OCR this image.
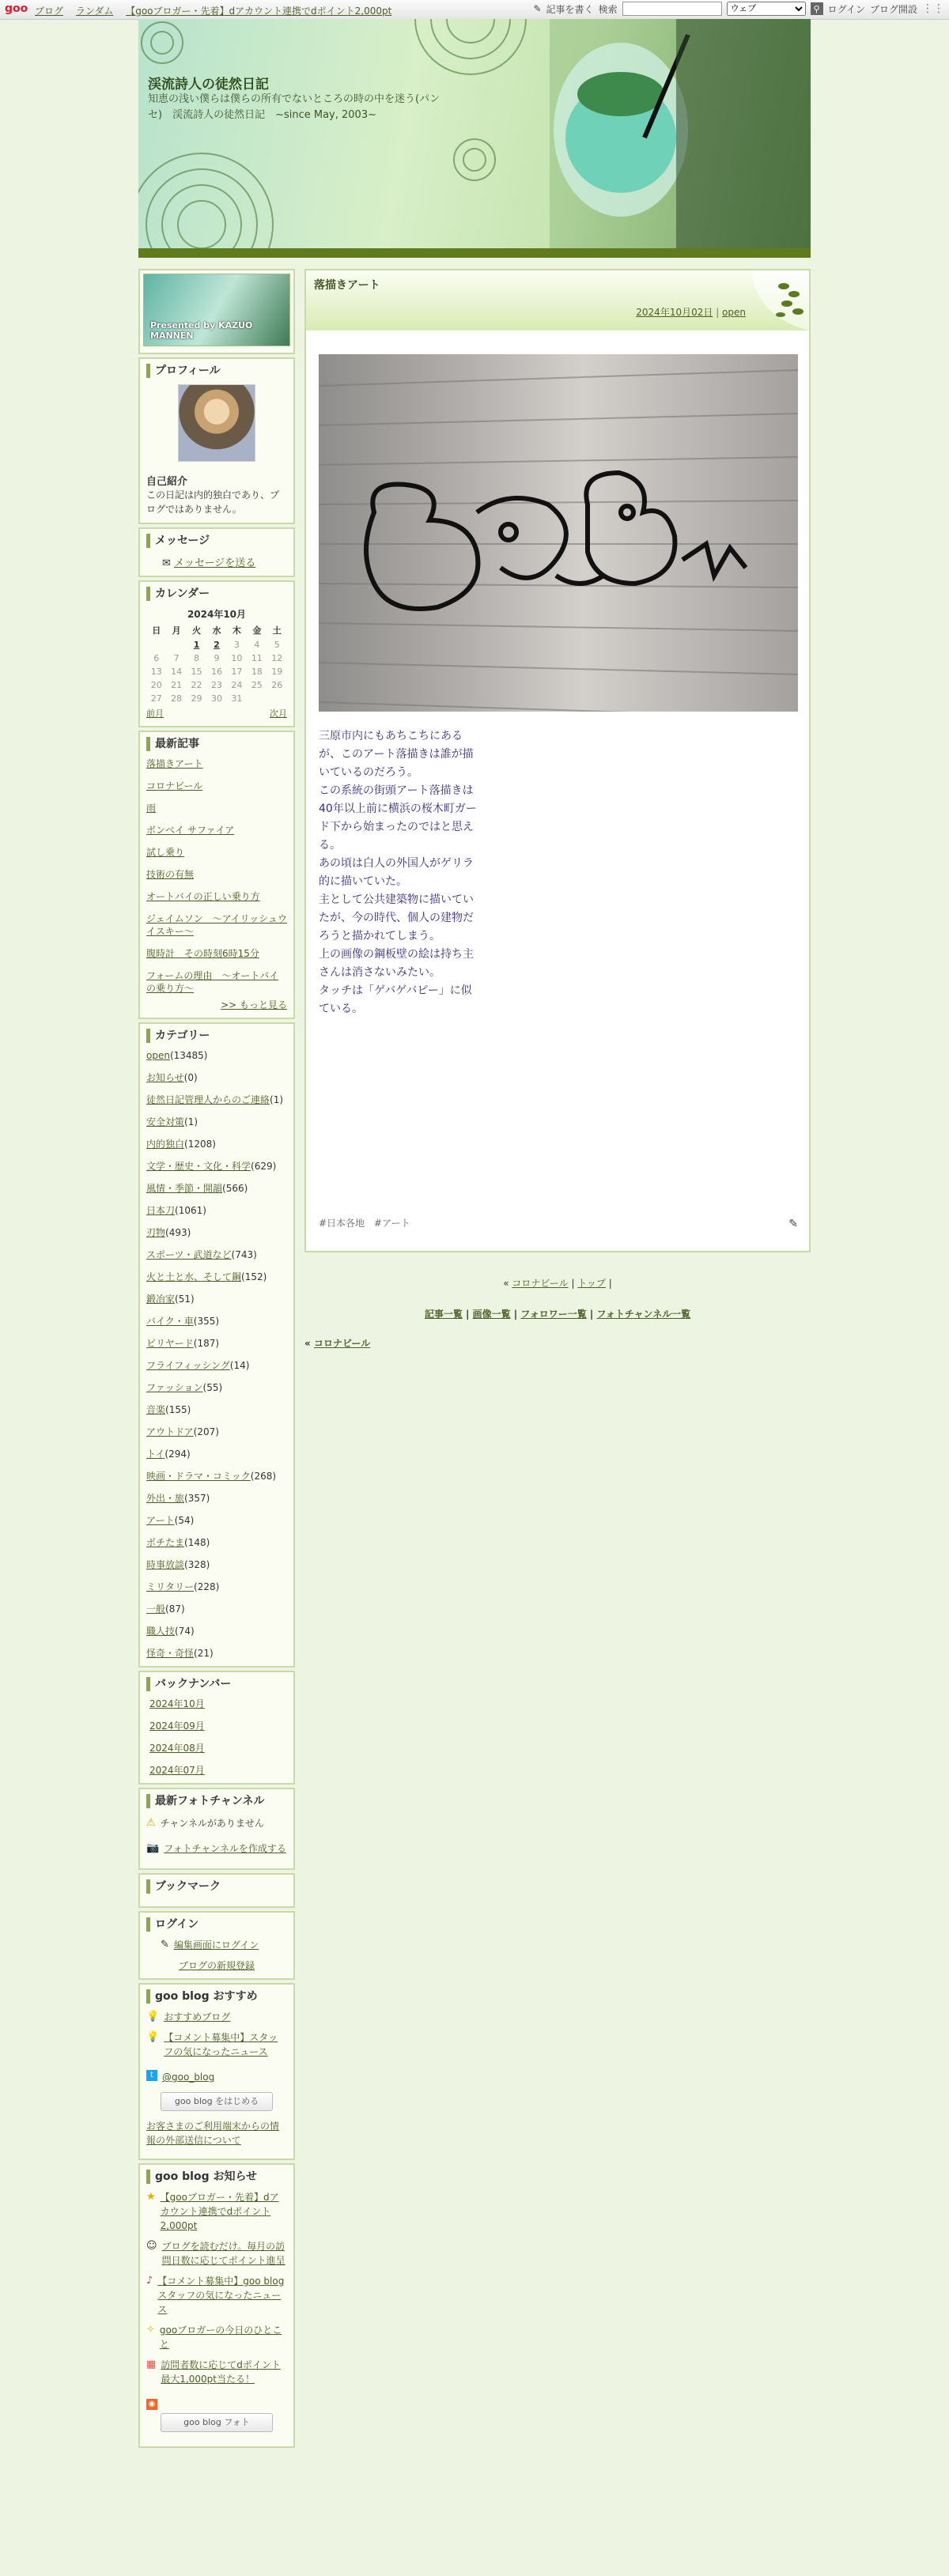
goo ブログ ランダム 【gooブロガー・先着】dアカウント連携でdポイント2,000pt	✎ 記事を書く 検索
ウェブ	⚲ ログイン ブログ開設 ⋮⋮
渓流詩人の徒然日記
知恵の浅い僕らは僕らの所有でないところの時の中を迷う(パンセ)　渓流詩人の徒然日記　~since May, 2003~
Presented by KAZUO MANNEN
プロフィール
自己紹介
この日記は内的独白であり、ブログではありません。
メッセージ
✉ メッセージを送る
カレンダー
2024年10月
日	月	火	水	木	金	土
		1	2	3	4	5
6	7	8	9	10	11	12
13	14	15	16	17	18	19
20	21	22	23	24	25	26
27	28	29	30	31		
前月	次月
最新記事
落描きアート
コロナビール
雨
ボンベイ サファイア
試し乗り
技術の有無
オートバイの正しい乗り方
ジェイムソン　～アイリッシュウイスキー～
腹時計　その時刻6時15分
フォームの理由　～オートバイの乗り方～
>> もっと見る
カテゴリー
open(13485)
お知らせ(0)
徒然日記管理人からのご連絡(1)
安全対策(1)
内的独白(1208)
文学・歴史・文化・科学(629)
風情・季節・開韻(566)
日本刀(1061)
刃物(493)
スポーツ・武道など(743)
火と土と水、そして鋼(152)
鍛冶家(51)
バイク・車(355)
ビリヤード(187)
フライフィッシング(14)
ファッション(55)
音楽(155)
アウトドア(207)
トイ(294)
映画・ドラマ・コミック(268)
外出・旅(357)
アート(54)
ボチたま(148)
時事放談(328)
ミリタリー(228)
一般(87)
職人技(74)
怪奇・奇怪(21)
バックナンバー
2024年10月
2024年09月
2024年08月
2024年07月
最新フォトチャンネル
⚠ チャンネルがありません
📷 フォトチャンネルを作成する
ブックマーク
ログイン
✎ 編集画面にログイン
ブログの新規登録
goo blog おすすめ
💡 おすすめブログ
💡 【コメント募集中】スタッフの気になったニュース
t @goo_blog
goo blog をはじめる
お客さまのご利用端末からの情報の外部送信について
goo blog お知らせ
★ 【gooブロガー・先着】dアカウント連携でdポイント2,000pt
☺ ブログを読むだけ。毎月の訪問日数に応じてポイント進呈
♪ 【コメント募集中】goo blogスタッフの気になったニュース
✧ gooブロガーの今日のひとこと
▦ 訪問者数に応じてdポイント最大1,000pt当たる！
◉
goo blog フォト
落描きアート
2024年10月02日 | open
三原市内にもあちこちにあるが、このアート落描きは誰が描いているのだろう。
この系統の街頭アート落描きは40年以上前に横浜の桜木町ガード下から始まったのではと思える。
あの頃は白人の外国人がゲリラ的に描いていた。
主として公共建築物に描いていたが、今の時代、個人の建物だろうと描かれてしまう。
上の画像の鋼板壁の絵は持ち主さんは消さないみたい。
タッチは「ゲバゲバピー」に似ている。
#日本各地 #アート	✎
« コロナビール | トップ |
記事一覧 | 画像一覧 | フォロワー一覧 | フォトチャンネル一覧
« コロナビール
